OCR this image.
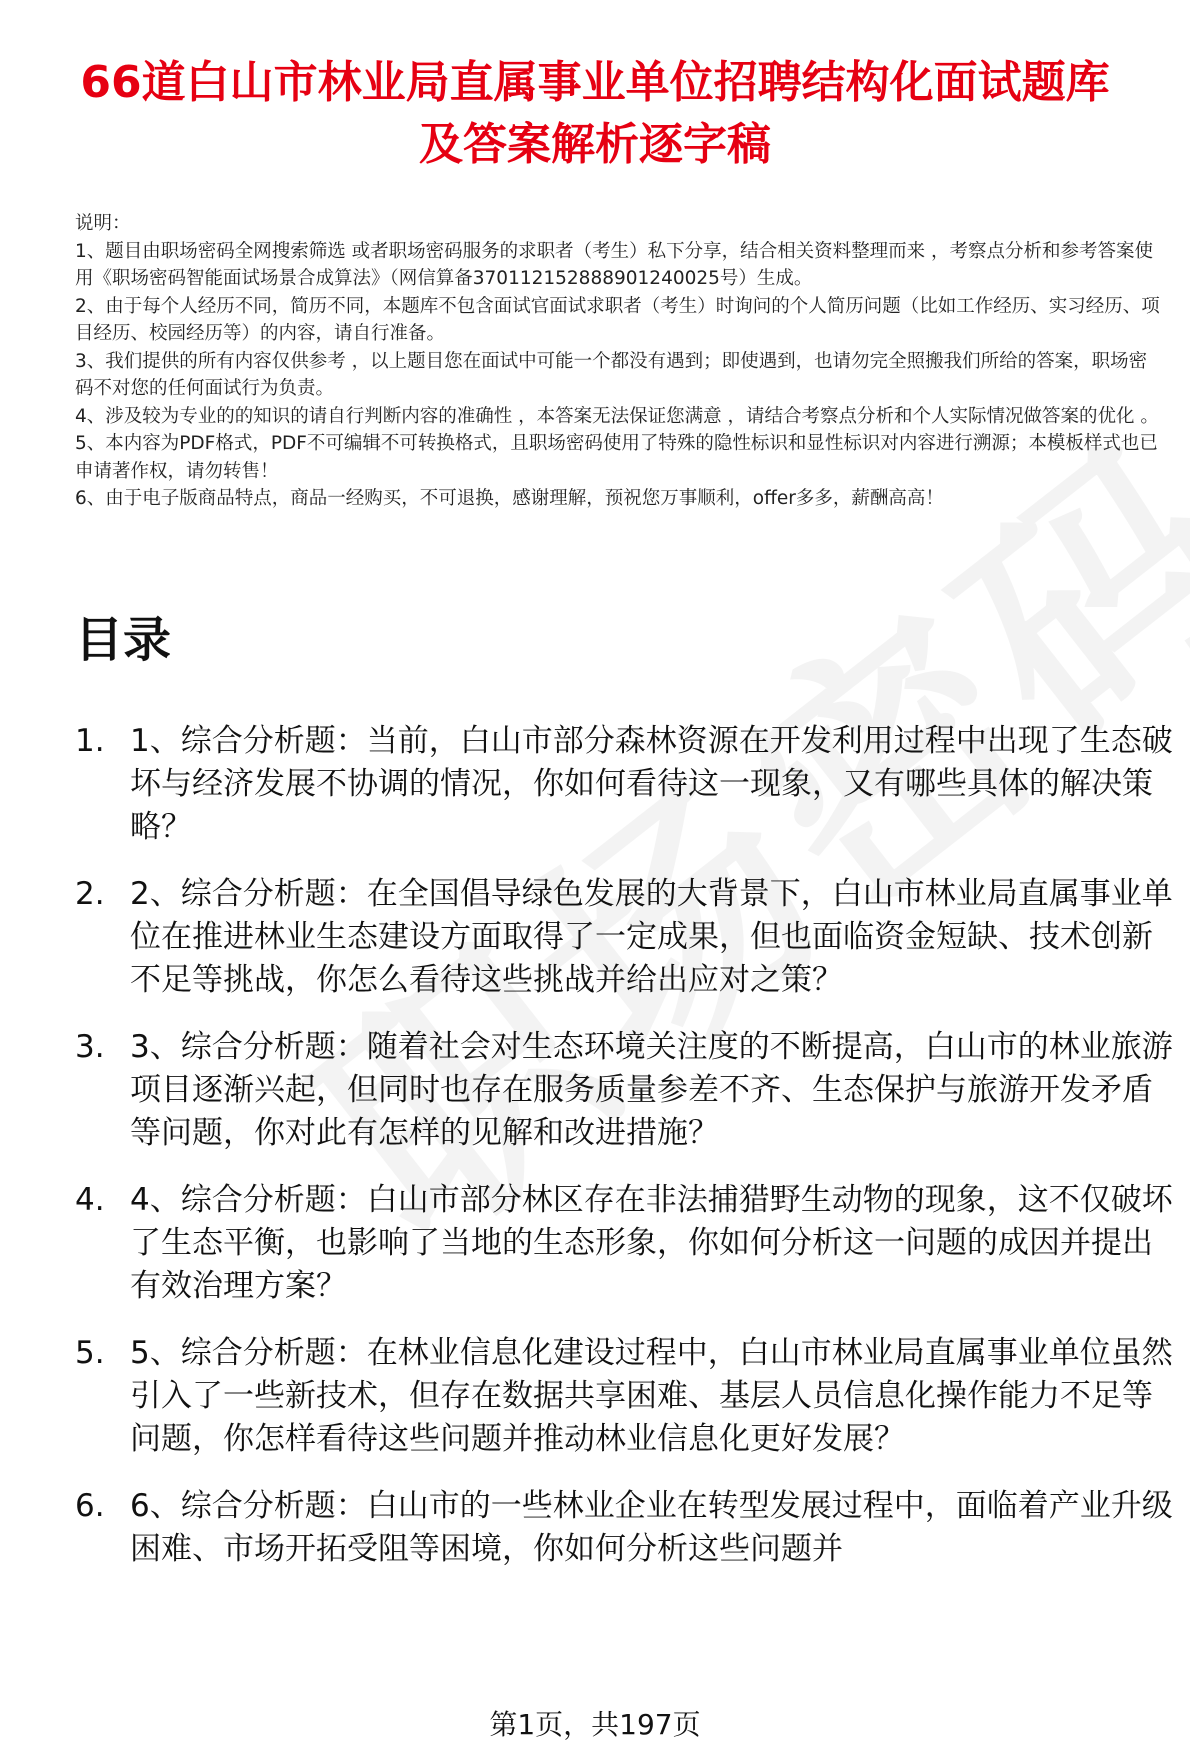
66道白山市林业局直属事业单位招聘结构化面试题库及答案解析逐字稿

说明：

1、题目由职场密码全网搜索筛选 或者职场密码服务的求职者（考生）私下分享，结合相关资料整理而来 ，考察点分析和参考答案使用《职场密码智能面试场景合成算法》（网信算备370112152888901240025号）生成。

2、由于每个人经历不同，简历不同，本题库不包含面试官面试求职者（考生）时询问的个人简历问题（比如工作经历、实习经历、项目经历、校园经历等）的内容，请自行准备。

3、我们提供的所有内容仅供参考 ，以上题目您在面试中可能一个都没有遇到；即使遇到，也请勿完全照搬我们所给的答案，职场密码不对您的任何面试行为负责。

4、涉及较为专业的的知识的请自行判断内容的准确性 ，本答案无法保证您满意 ，请结合考察点分析和个人实际情况做答案的优化 。

5、本内容为PDF格式，PDF不可编辑不可转换格式，且职场密码使用了特殊的隐性标识和显性标识对内容进行溯源；本模板样式也已申请著作权，请勿转售！

6、由于电子版商品特点，商品一经购买，不可退换，感谢理解，预祝您万事顺利，offer多多，薪酬高高！

目录
1. 1、综合分析题：当前，白山市部分森林资源在开发利用过程中出现了生态破坏与经济发展不协调的情况，你如何看待这一现象，又有哪些具体的解决策略？
2. 2、综合分析题：在全国倡导绿色发展的大背景下，白山市林业局直属事业单位在推进林业生态建设方面取得了一定成果，但也面临资金短缺、技术创新不足等挑战，你怎么看待这些挑战并给出应对之策？
3. 3、综合分析题：随着社会对生态环境关注度的不断提高，白山市的林业旅游项目逐渐兴起，但同时也存在服务质量参差不齐、生态保护与旅游开发矛盾等问题，你对此有怎样的见解和改进措施？
4. 4、综合分析题：白山市部分林区存在非法捕猎野生动物的现象，这不仅破坏了生态平衡，也影响了当地的生态形象，你如何分析这一问题的成因并提出有效治理方案？
5. 5、综合分析题：在林业信息化建设过程中，白山市林业局直属事业单位虽然引入了一些新技术，但存在数据共享困难、基层人员信息化操作能力不足等问题，你怎样看待这些问题并推动林业信息化更好发展？
6. 6、综合分析题：白山市的一些林业企业在转型发展过程中，面临着产业升级困难、市场开拓受阻等困境，你如何分析这些问题并
第1页，共197页
